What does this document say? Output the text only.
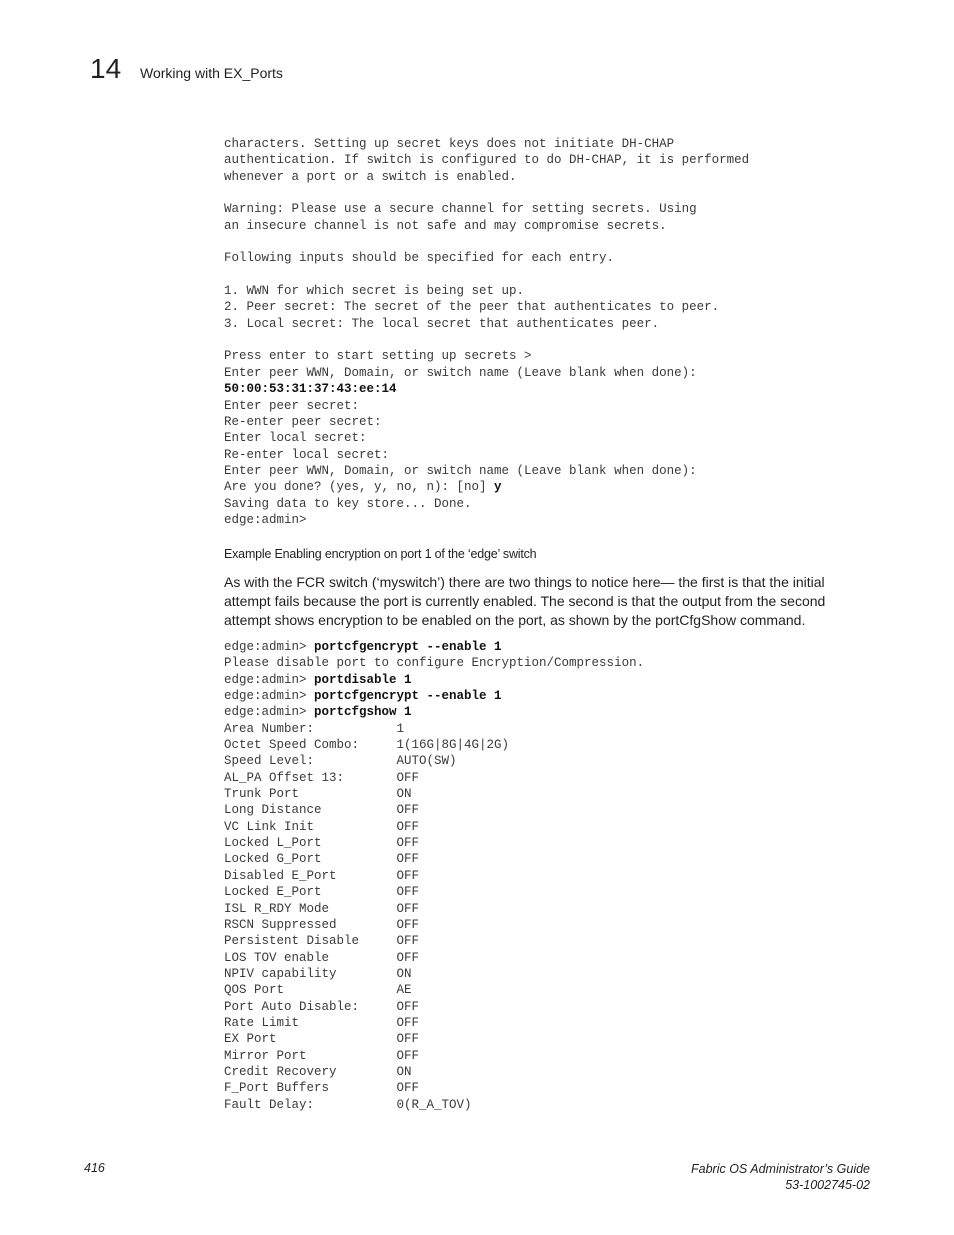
14 Working with EX_Ports
characters. Setting up secret keys does not initiate DH-CHAP
authentication. If switch is configured to do DH-CHAP, it is performed
whenever a port or a switch is enabled.
Warning: Please use a secure channel for setting secrets. Using
an insecure channel is not safe and may compromise secrets.
Following inputs should be specified for each entry.
1. WWN for which secret is being set up.
2. Peer secret: The secret of the peer that authenticates to peer.
3. Local secret: The local secret that authenticates peer.
Press enter to start setting up secrets >
Enter peer WWN, Domain, or switch name (Leave blank when done):
50:00:53:31:37:43:ee:14
Enter peer secret:
Re-enter peer secret:
Enter local secret:
Re-enter local secret:
Enter peer WWN, Domain, or switch name (Leave blank when done):
Are you done? (yes, y, no, n): [no] y
Saving data to key store... Done.
edge:admin>
Example Enabling encryption on port 1 of the ‘edge’ switch
As with the FCR switch (‘myswitch’) there are two things to notice here— the first is that the initial attempt fails because the port is currently enabled. The second is that the output from the second attempt shows encryption to be enabled on the port, as shown by the portCfgShow command.
edge:admin> portcfgencrypt --enable 1
Please disable port to configure Encryption/Compression.
edge:admin> portdisable 1
edge:admin> portcfgencrypt --enable 1
edge:admin> portcfgshow 1
Area Number:           1
Octet Speed Combo:     1(16G|8G|4G|2G)
Speed Level:           AUTO(SW)
AL_PA Offset 13:       OFF
Trunk Port             ON
Long Distance          OFF
VC Link Init           OFF
Locked L_Port          OFF
Locked G_Port          OFF
Disabled E_Port        OFF
Locked E_Port          OFF
ISL R_RDY Mode         OFF
RSCN Suppressed        OFF
Persistent Disable     OFF
LOS TOV enable         OFF
NPIV capability        ON
QOS Port               AE
Port Auto Disable:     OFF
Rate Limit             OFF
EX Port                OFF
Mirror Port            OFF
Credit Recovery        ON
F_Port Buffers         OFF
Fault Delay:           0(R_A_TOV)
416	Fabric OS Administrator’s Guide
53-1002745-02
